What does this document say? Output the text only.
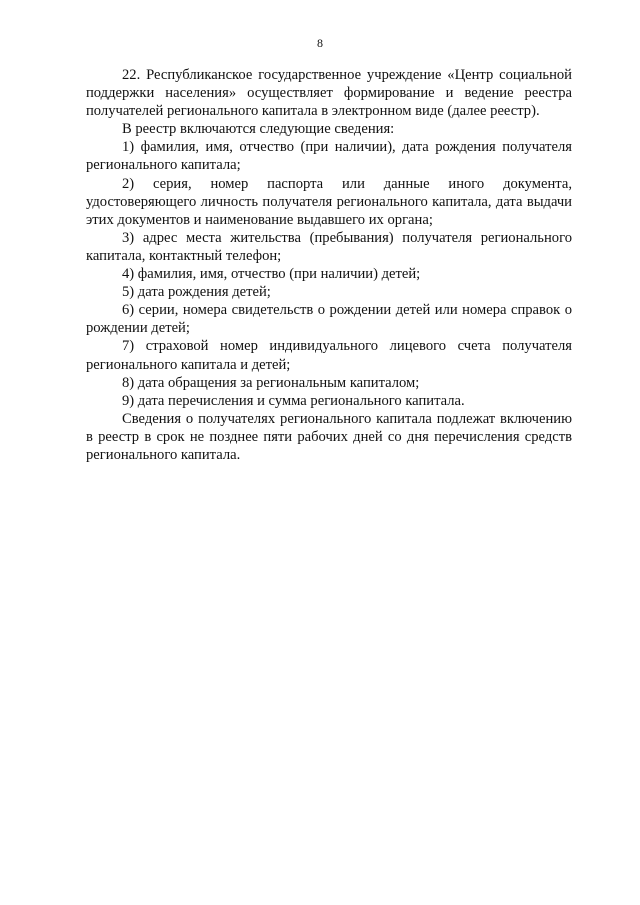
8

22. Республиканское государственное учреждение «Центр социальной поддержки населения» осуществляет формирование и ведение реестра получателей регионального капитала в электронном виде (далее реестр).

В реестр включаются следующие сведения:

1) фамилия, имя, отчество (при наличии), дата рождения получателя регионального капитала;

2) серия, номер паспорта или данные иного документа, удостоверяющего личность получателя регионального капитала, дата выдачи этих документов и наименование выдавшего их органа;

3) адрес места жительства (пребывания) получателя регионального капитала, контактный телефон;

4) фамилия, имя, отчество (при наличии) детей;

5) дата рождения детей;

6) серии, номера свидетельств о рождении детей или номера справок о рождении детей;

7) страховой номер индивидуального лицевого счета получателя регионального капитала и детей;

8) дата обращения за региональным капиталом;

9) дата перечисления и сумма регионального капитала.

Сведения о получателях регионального капитала подлежат включению в реестр в срок не позднее пяти рабочих дней со дня перечисления средств регионального капитала.
